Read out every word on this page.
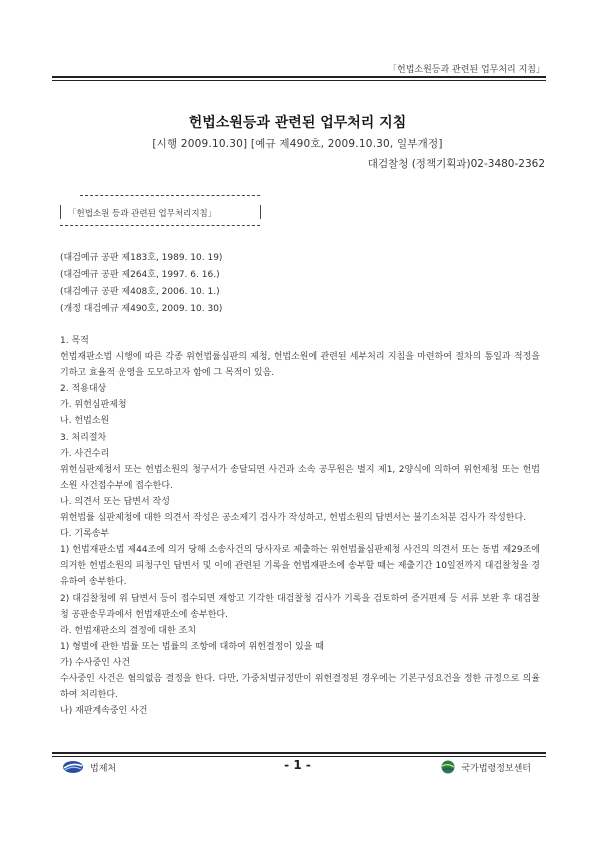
「헌법소원등과 관련된 업무처리 지침」
헌법소원등과 관련된 업무처리 지침
[시행 2009.10.30] [예규 제490호, 2009.10.30, 일부개정]
대검찰청 (정책기획과)02-3480-2362
「헌법소원 등과 관련된 업무처리지침」
(대검예규 공판 제183호, 1989. 10. 19)
(대검예규 공판 제264호, 1997. 6. 16.)
(대검예규 공판 제408호, 2006. 10. 1.)
(개정 대검예규 제490호, 2009. 10. 30)

1. 목적

헌법재판소법 시행에 따른 각종 위헌법률심판의 제청, 헌법소원에 관련된 세부처리 지침을 마련하여 절차의 통일과 적정을 기하고 효율적 운영을 도모하고자 함에 그 목적이 있음.

2. 적용대상

가. 위헌심판제청

나. 헌법소원

3. 처리절차

가. 사건수리

위헌심판제청서 또는 헌법소원의 청구서가 송달되면 사건과 소속 공무원은 별지 제1, 2양식에 의하여 위헌제청 또는 헌법소원 사건접수부에 접수한다.

나. 의견서 또는 답변서 작성

위헌법률 심판제청에 대한 의견서 작성은 공소제기 검사가 작성하고, 헌법소원의 답변서는 불기소처분 검사가 작성한다.

다. 기록송부

1) 헌법재판소법 제44조에 의거 당해 소송사건의 당사자로 제출하는 위헌법률심판제청 사건의 의견서 또는 동법 제29조에 의거한 헌법소원의 피청구인 답변서 및 이에 관련된 기록을 헌법재판소에 송부할 때는 제출기간 10일전까지 대검찰청을 경유하여 송부한다.

2) 대검찰청에 위 답변서 등이 접수되면 재항고 기각한 대검찰청 검사가 기록을 검토하여 증거편제 등 서류 보완 후 대검찰청 공판송무과에서 헌법재판소에 송부한다.

라. 헌법재판소의 결정에 대한 조치

1) 형벌에 관한 법률 또는 법률의 조항에 대하여 위헌결정이 있을 때

가) 수사중인 사건

수사중인 사건은 혐의없음 결정을 한다. 다만, 가중처벌규정만이 위헌결정된 경우에는 기본구성요건을 정한 규정으로 의율하여 처리한다.

나) 재판계속중인 사건

법제처	- 1 -	국가법령정보센터
